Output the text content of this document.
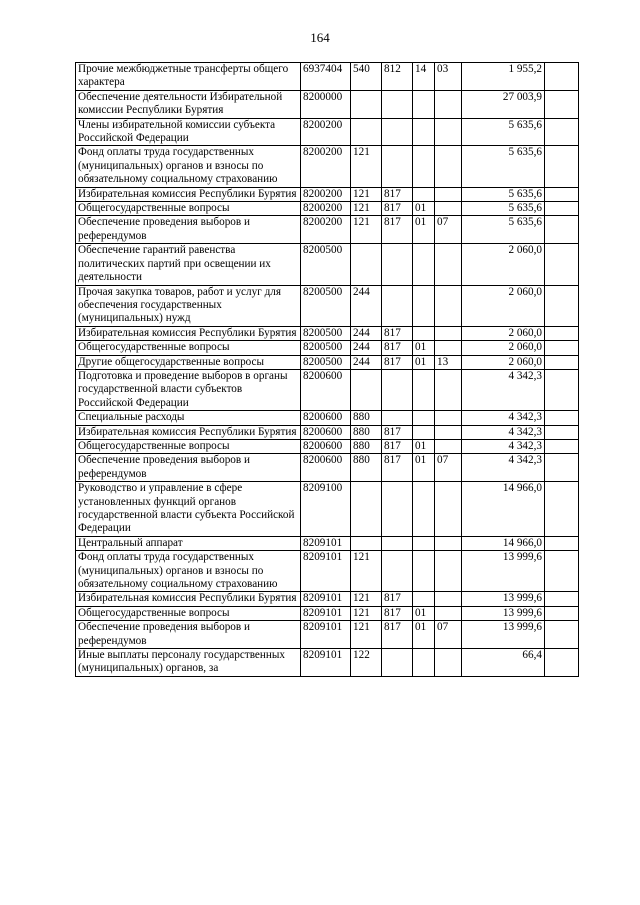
164
Прочие межбюджетные трансферты общего характера	6937404	540	812	14	03	1 955,2	
Обеспечение деятельности Избирательной комиссии Республики Бурятия	8200000					27 003,9	
Члены избирательной комиссии субъекта Российской Федерации	8200200					5 635,6	
Фонд оплаты труда государственных (муниципальных) органов и взносы по обязательному социальному страхованию	8200200	121				5 635,6	
Избирательная комиссия Республики Бурятия	8200200	121	817			5 635,6	
Общегосударственные вопросы	8200200	121	817	01		5 635,6	
Обеспечение проведения выборов и референдумов	8200200	121	817	01	07	5 635,6	
Обеспечение гарантий равенства политических партий при освещении их деятельности	8200500					2 060,0	
Прочая закупка товаров, работ и услуг для обеспечения государственных (муниципальных) нужд	8200500	244				2 060,0	
Избирательная комиссия Республики Бурятия	8200500	244	817			2 060,0	
Общегосударственные вопросы	8200500	244	817	01		2 060,0	
Другие общегосударственные вопросы	8200500	244	817	01	13	2 060,0	
Подготовка и проведение выборов в органы государственной власти субъектов Российской Федерации	8200600					4 342,3	
Специальные расходы	8200600	880				4 342,3	
Избирательная комиссия Республики Бурятия	8200600	880	817			4 342,3	
Общегосударственные вопросы	8200600	880	817	01		4 342,3	
Обеспечение проведения выборов и референдумов	8200600	880	817	01	07	4 342,3	
Руководство и управление в сфере установленных функций органов государственной власти субъекта Российской Федерации	8209100					14 966,0	
Центральный аппарат	8209101					14 966,0	
Фонд оплаты труда государственных (муниципальных) органов и взносы по обязательному социальному страхованию	8209101	121				13 999,6	
Избирательная комиссия Республики Бурятия	8209101	121	817			13 999,6	
Общегосударственные вопросы	8209101	121	817	01		13 999,6	
Обеспечение проведения выборов и референдумов	8209101	121	817	01	07	13 999,6	
Иные выплаты персоналу государственных (муниципальных) органов, за	8209101	122				66,4	
